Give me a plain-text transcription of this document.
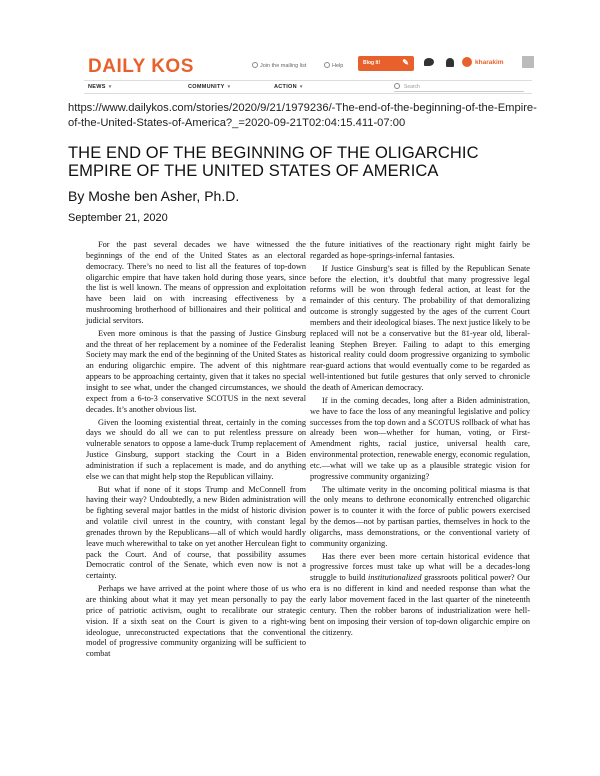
DAILY KOS	Join the mailing list	Help	Blog It!	✎	kharakim
NEWS ▾	COMMUNITY ▾	ACTION ▾	Search
https://www.dailykos.com/stories/2020/9/21/1979236/-The-end-of-the-beginning-of-the-Empire-of-the-United-States-of-America?_=2020-09-21T02:04:15.411-07:00
THE END OF THE BEGINNING OF THE OLIGARCHIC EMPIRE OF THE UNITED STATES OF AMERICA
By Moshe ben Asher, Ph.D.
September 21, 2020

For the past several decades we have witnessed the beginnings of the end of the United States as an electoral democracy. There’s no need to list all the features of top-down oligarchic empire that have taken hold during those years, since the list is well known. The means of oppression and exploitation have been laid on with increasing effectiveness by a mushrooming brotherhood of billionaires and their political and judicial servitors.

Even more ominous is that the passing of Justice Ginsburg and the threat of her replacement by a nominee of the Federalist Society may mark the end of the beginning of the United States as an enduring oligarchic empire. The advent of this nightmare appears to be approaching certainty, given that it takes no special insight to see what, under the changed circumstances, we should expect from a 6-to-3 conservative SCOTUS in the next several decades. It’s another obvious list.

Given the looming existential threat, certainly in the coming days we should do all we can to put relentless pressure on vulnerable senators to oppose a lame-duck Trump replacement of Justice Ginsburg, support stacking the Court in a Biden administration if such a replacement is made, and do anything else we can that might help stop the Republican villainy.

But what if none of it stops Trump and McConnell from having their way? Undoubtedly, a new Biden administration will be fighting several major battles in the midst of historic division and volatile civil unrest in the country, with constant legal grenades thrown by the Republicans—all of which would hardly leave much wherewithal to take on yet another Herculean fight to pack the Court. And of course, that possibility assumes Democratic control of the Senate, which even now is not a certainty.

Perhaps we have arrived at the point where those of us who are thinking about what it may yet mean personally to pay the price of patriotic activism, ought to recalibrate our strategic vision. If a sixth seat on the Court is given to a right-wing ideologue, unreconstructed expectations that the conventional model of progressive community organizing will be sufficient to combat

the future initiatives of the reactionary right might fairly be regarded as hope-springs-infernal fantasies.

If Justice Ginsburg’s seat is filled by the Republican Senate before the election, it’s doubtful that many progressive legal reforms will be won through federal action, at least for the remainder of this century. The probability of that demoralizing outcome is strongly suggested by the ages of the current Court members and their ideological biases. The next justice likely to be replaced will not be a conservative but the 81-year old, liberal-leaning Stephen Breyer. Failing to adapt to this emerging historical reality could doom progressive organizing to symbolic rear-guard actions that would eventually come to be regarded as well-intentioned but futile gestures that only served to chronicle the death of American democracy.

If in the coming decades, long after a Biden administration, we have to face the loss of any meaningful legislative and policy successes from the top down and a SCOTUS rollback of what has already been won—whether for human, voting, or First-Amendment rights, racial justice, universal health care, environmental protection, renewable energy, economic regulation, etc.—what will we take up as a plausible strategic vision for progressive community organizing?

The ultimate verity in the oncoming political miasma is that the only means to dethrone economically entrenched oligarchic power is to counter it with the force of public powers exercised by the demos—not by partisan parties, themselves in hock to the oligarchs, mass demonstrations, or the conventional variety of community organizing.

Has there ever been more certain historical evidence that progressive forces must take up what will be a decades-long struggle to build institutionalized grassroots political power? Our era is no different in kind and needed response than what the early labor movement faced in the last quarter of the nineteenth century. Then the robber barons of industrialization were hell-bent on imposing their version of top-down oligarchic empire on the citizenry.
